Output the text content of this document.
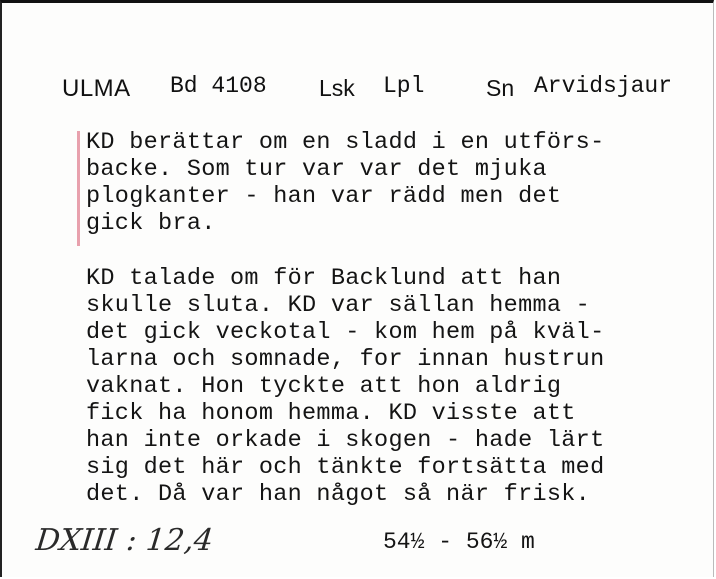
ULMA Bd 4108 Lsk Lpl	Sn Arvidsjaur
KD berättar om en sladd i en utförs-
backe. Som tur var var det mjuka
plogkanter - han var rädd men det
gick bra.
KD talade om för Backlund att han
skulle sluta. KD var sällan hemma -
det gick veckotal - kom hem på kväl-
larna och somnade, for innan hustrun
vaknat. Hon tyckte att hon aldrig
fick ha honom hemma. KD visste att
han inte orkade i skogen - hade lärt
sig det här och tänkte fortsätta med
det. Då var han något så när frisk.
DXIII : 12,4	54½ - 56½ m
